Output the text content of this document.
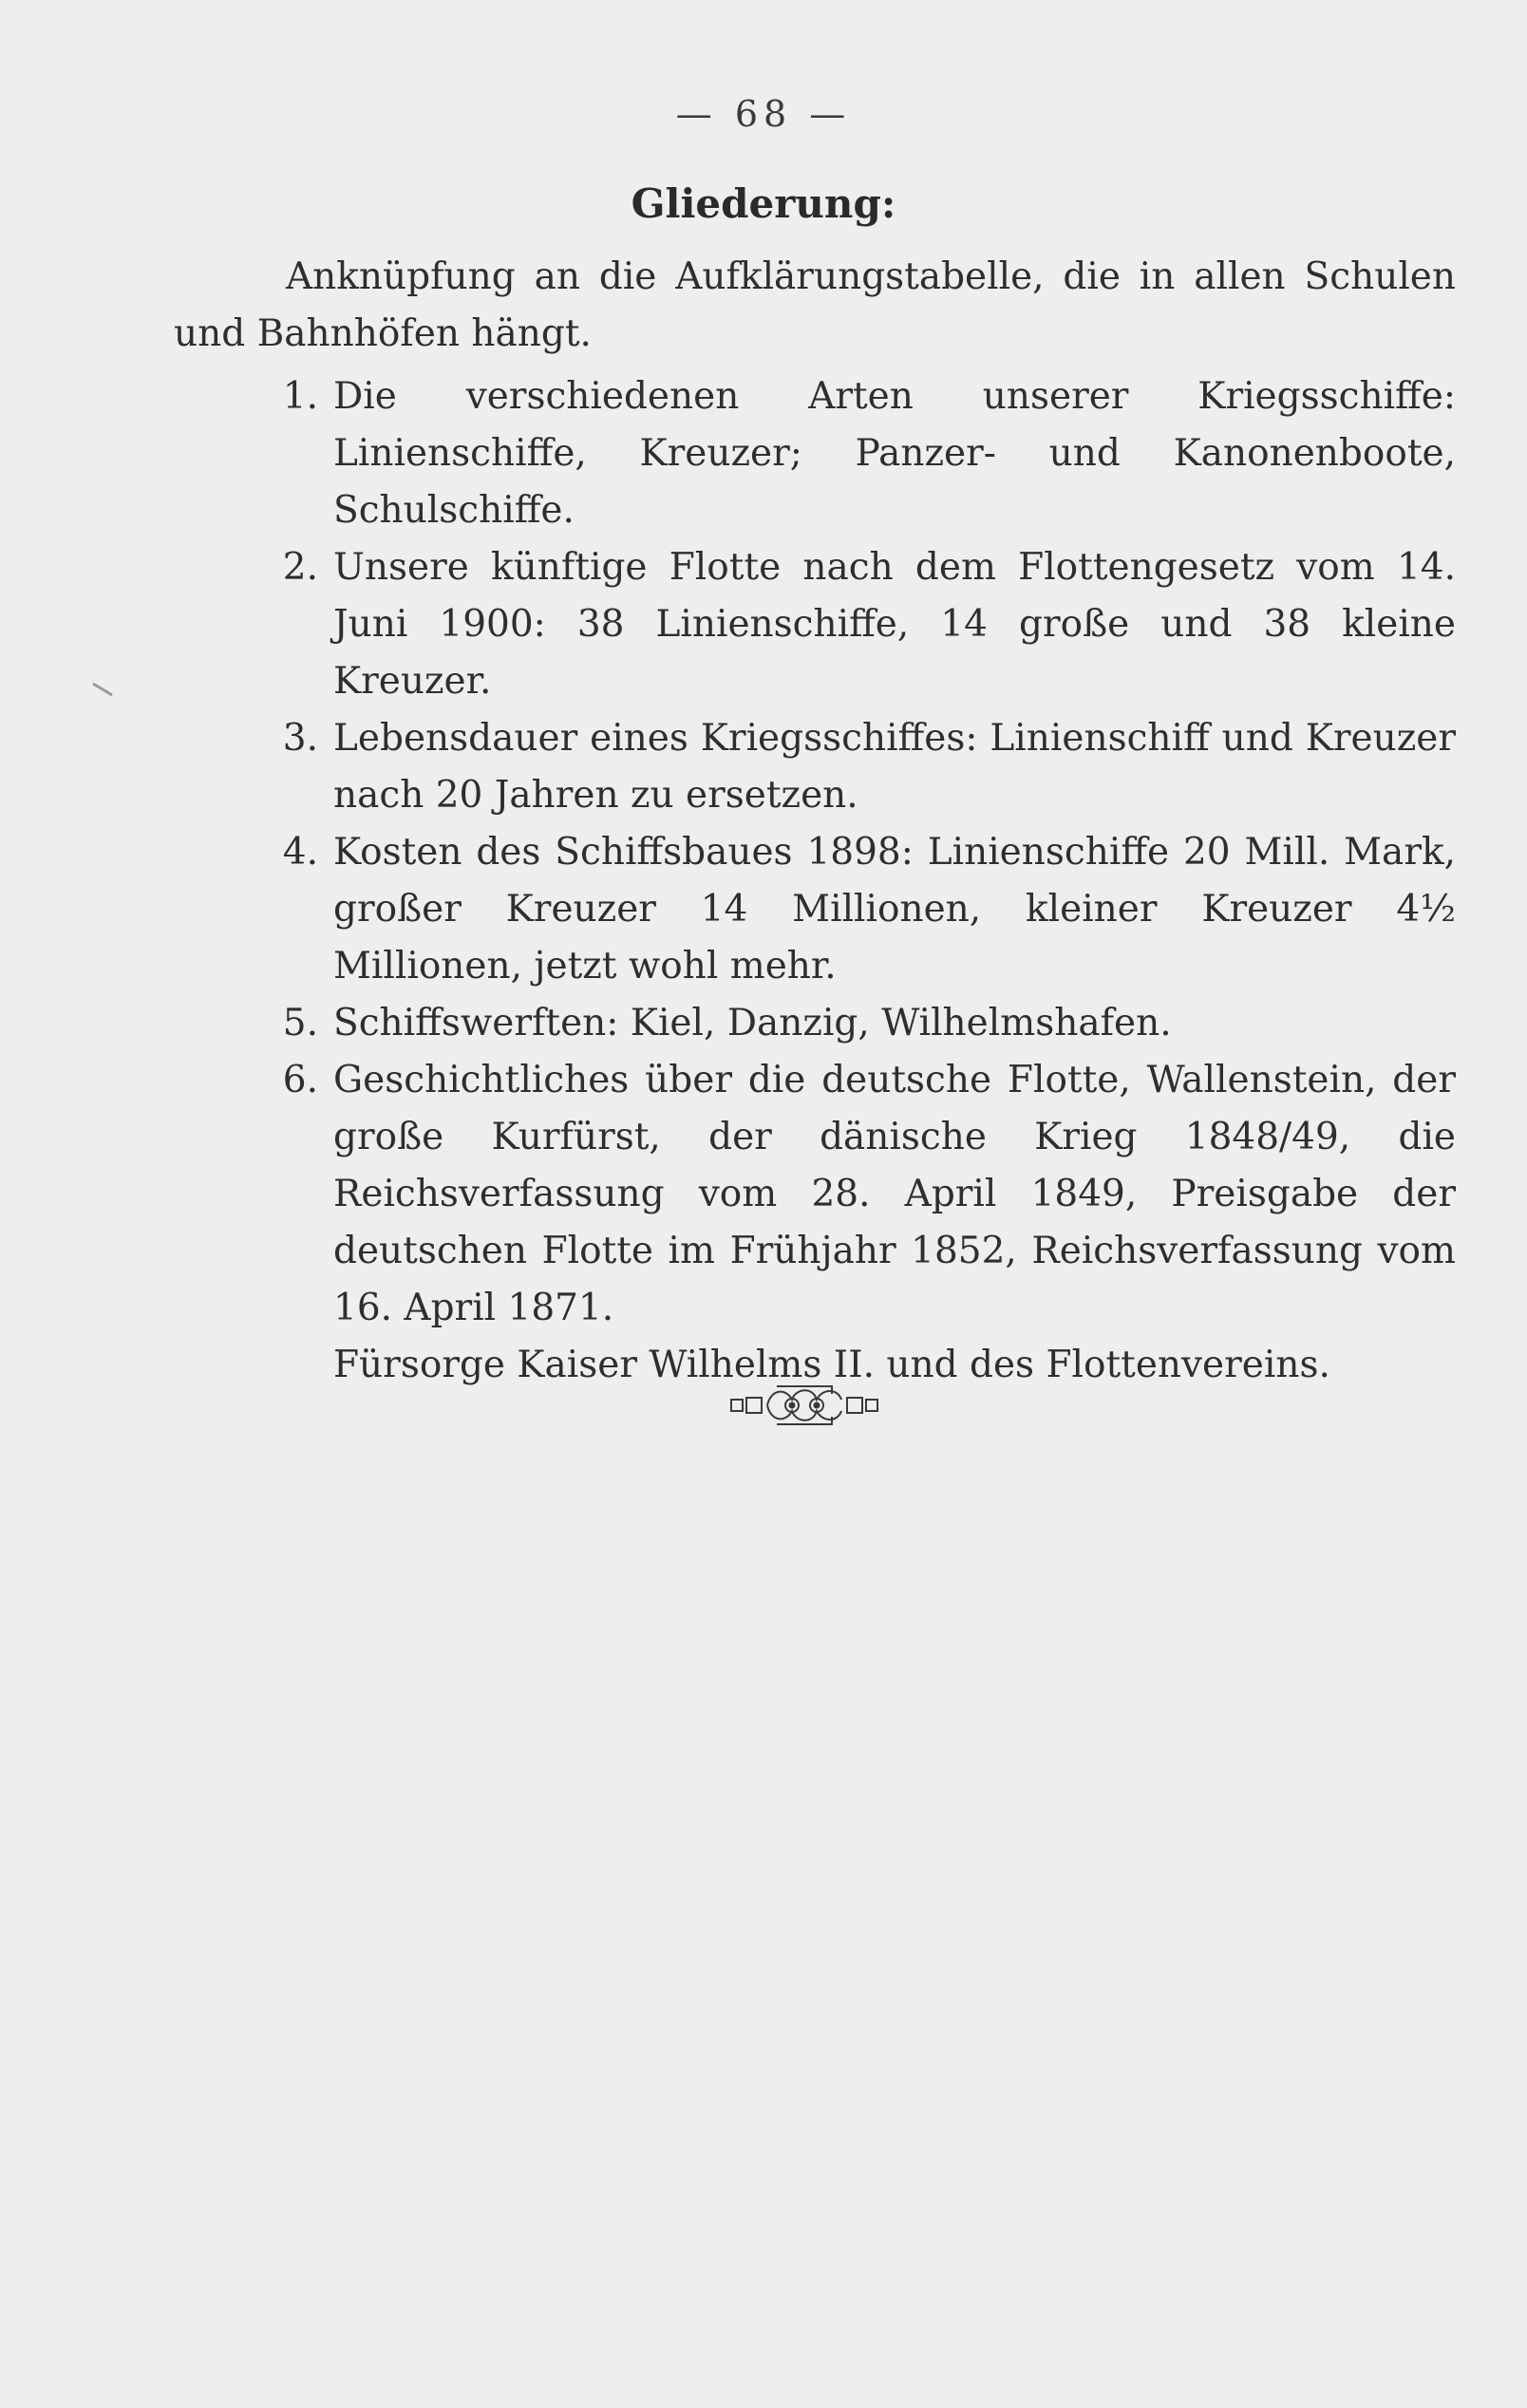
— 68 —
Gliederung:

Anknüpfung an die Aufklärungstabelle, die in allen Schulen und Bahnhöfen hängt.

1. Die verschiedenen Arten unserer Kriegsschiffe: Linienschiffe, Kreuzer; Panzer- und Kanonenboote, Schulschiffe.
2. Unsere künftige Flotte nach dem Flottengesetz vom 14. Juni 1900: 38 Linienschiffe, 14 große und 38 kleine Kreuzer.
3. Lebensdauer eines Kriegsschiffes: Linienschiff und Kreuzer nach 20 Jahren zu ersetzen.
4. Kosten des Schiffsbaues 1898: Linienschiffe 20 Mill. Mark, großer Kreuzer 14 Millionen, kleiner Kreuzer 4½ Millionen, jetzt wohl mehr.
5. Schiffswerften: Kiel, Danzig, Wilhelmshafen.
6. Geschichtliches über die deutsche Flotte, Wallenstein, der große Kurfürst, der dänische Krieg 1848/49, die Reichsverfassung vom 28. April 1849, Preisgabe der deutschen Flotte im Frühjahr 1852, Reichsverfassung vom 16. April 1871.

Fürsorge Kaiser Wilhelms II. und des Flottenvereins.
